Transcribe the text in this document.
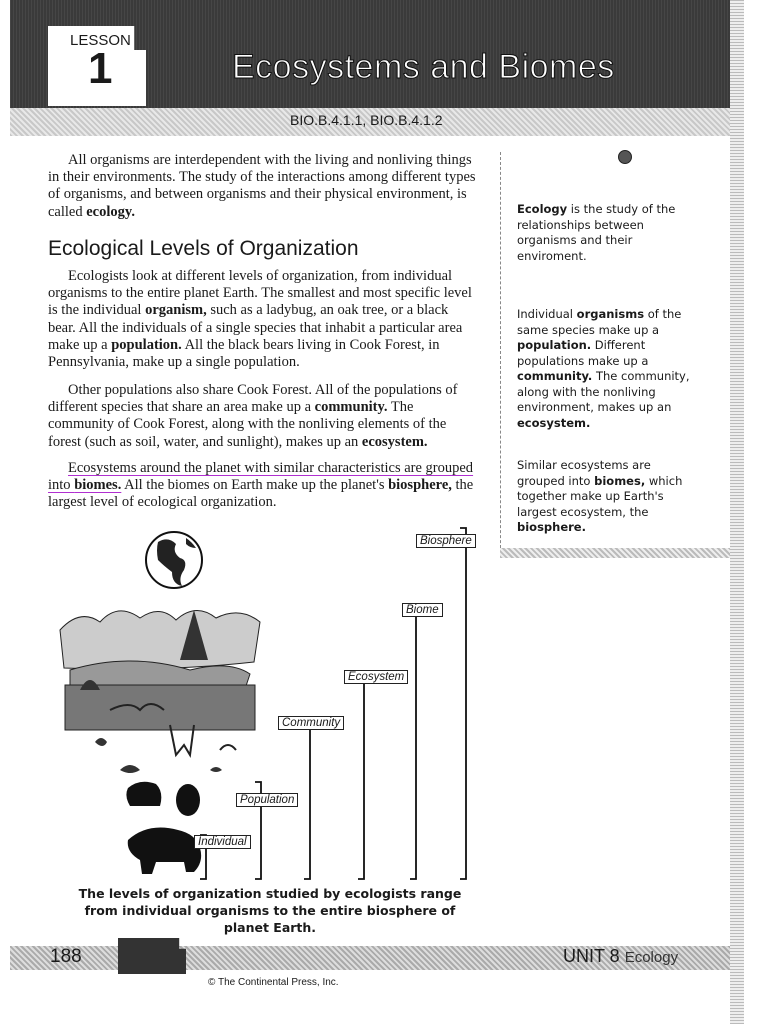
LESSON
1	Ecosystems and Biomes
BIO.B.4.1.1, BIO.B.4.1.2

All organisms are interdependent with the living and nonliving things in their environments. The study of the interactions among different types of organisms, and between organisms and their physical environment, is called ecology.

Ecological Levels of Organization

Ecologists look at different levels of organization, from individual organisms to the entire planet Earth. The smallest and most specific level is the individual organism, such as a ladybug, an oak tree, or a black bear. All the individuals of a single species that inhabit a particular area make up a population. All the black bears living in Cook Forest, in Pennsylvania, make up a single population.

Other populations also share Cook Forest. All of the populations of different species that share an area make up a community. The community of Cook Forest, along with the nonliving elements of the forest (such as soil, water, and sunlight), makes up an ecosystem.

Ecosystems around the planet with similar characteristics are grouped into biomes. All the biomes on Earth make up the planet's biosphere, the largest level of ecological organization.

Ecology is the study of the relationships between organisms and their enviroment.
Individual organisms of the same species make up a population. Different populations make up a community. The community, along with the nonliving environment, makes up an ecosystem.
Similar ecosystems are grouped into biomes, which together make up Earth's largest ecosystem, the biosphere.
Individual
Population
Community
Ecosystem
Biome
Biosphere
The levels of organization studied by ecologists range from individual organisms to the entire biosphere of planet Earth.
188	UNIT 8 Ecology
© The Continental Press, Inc.
